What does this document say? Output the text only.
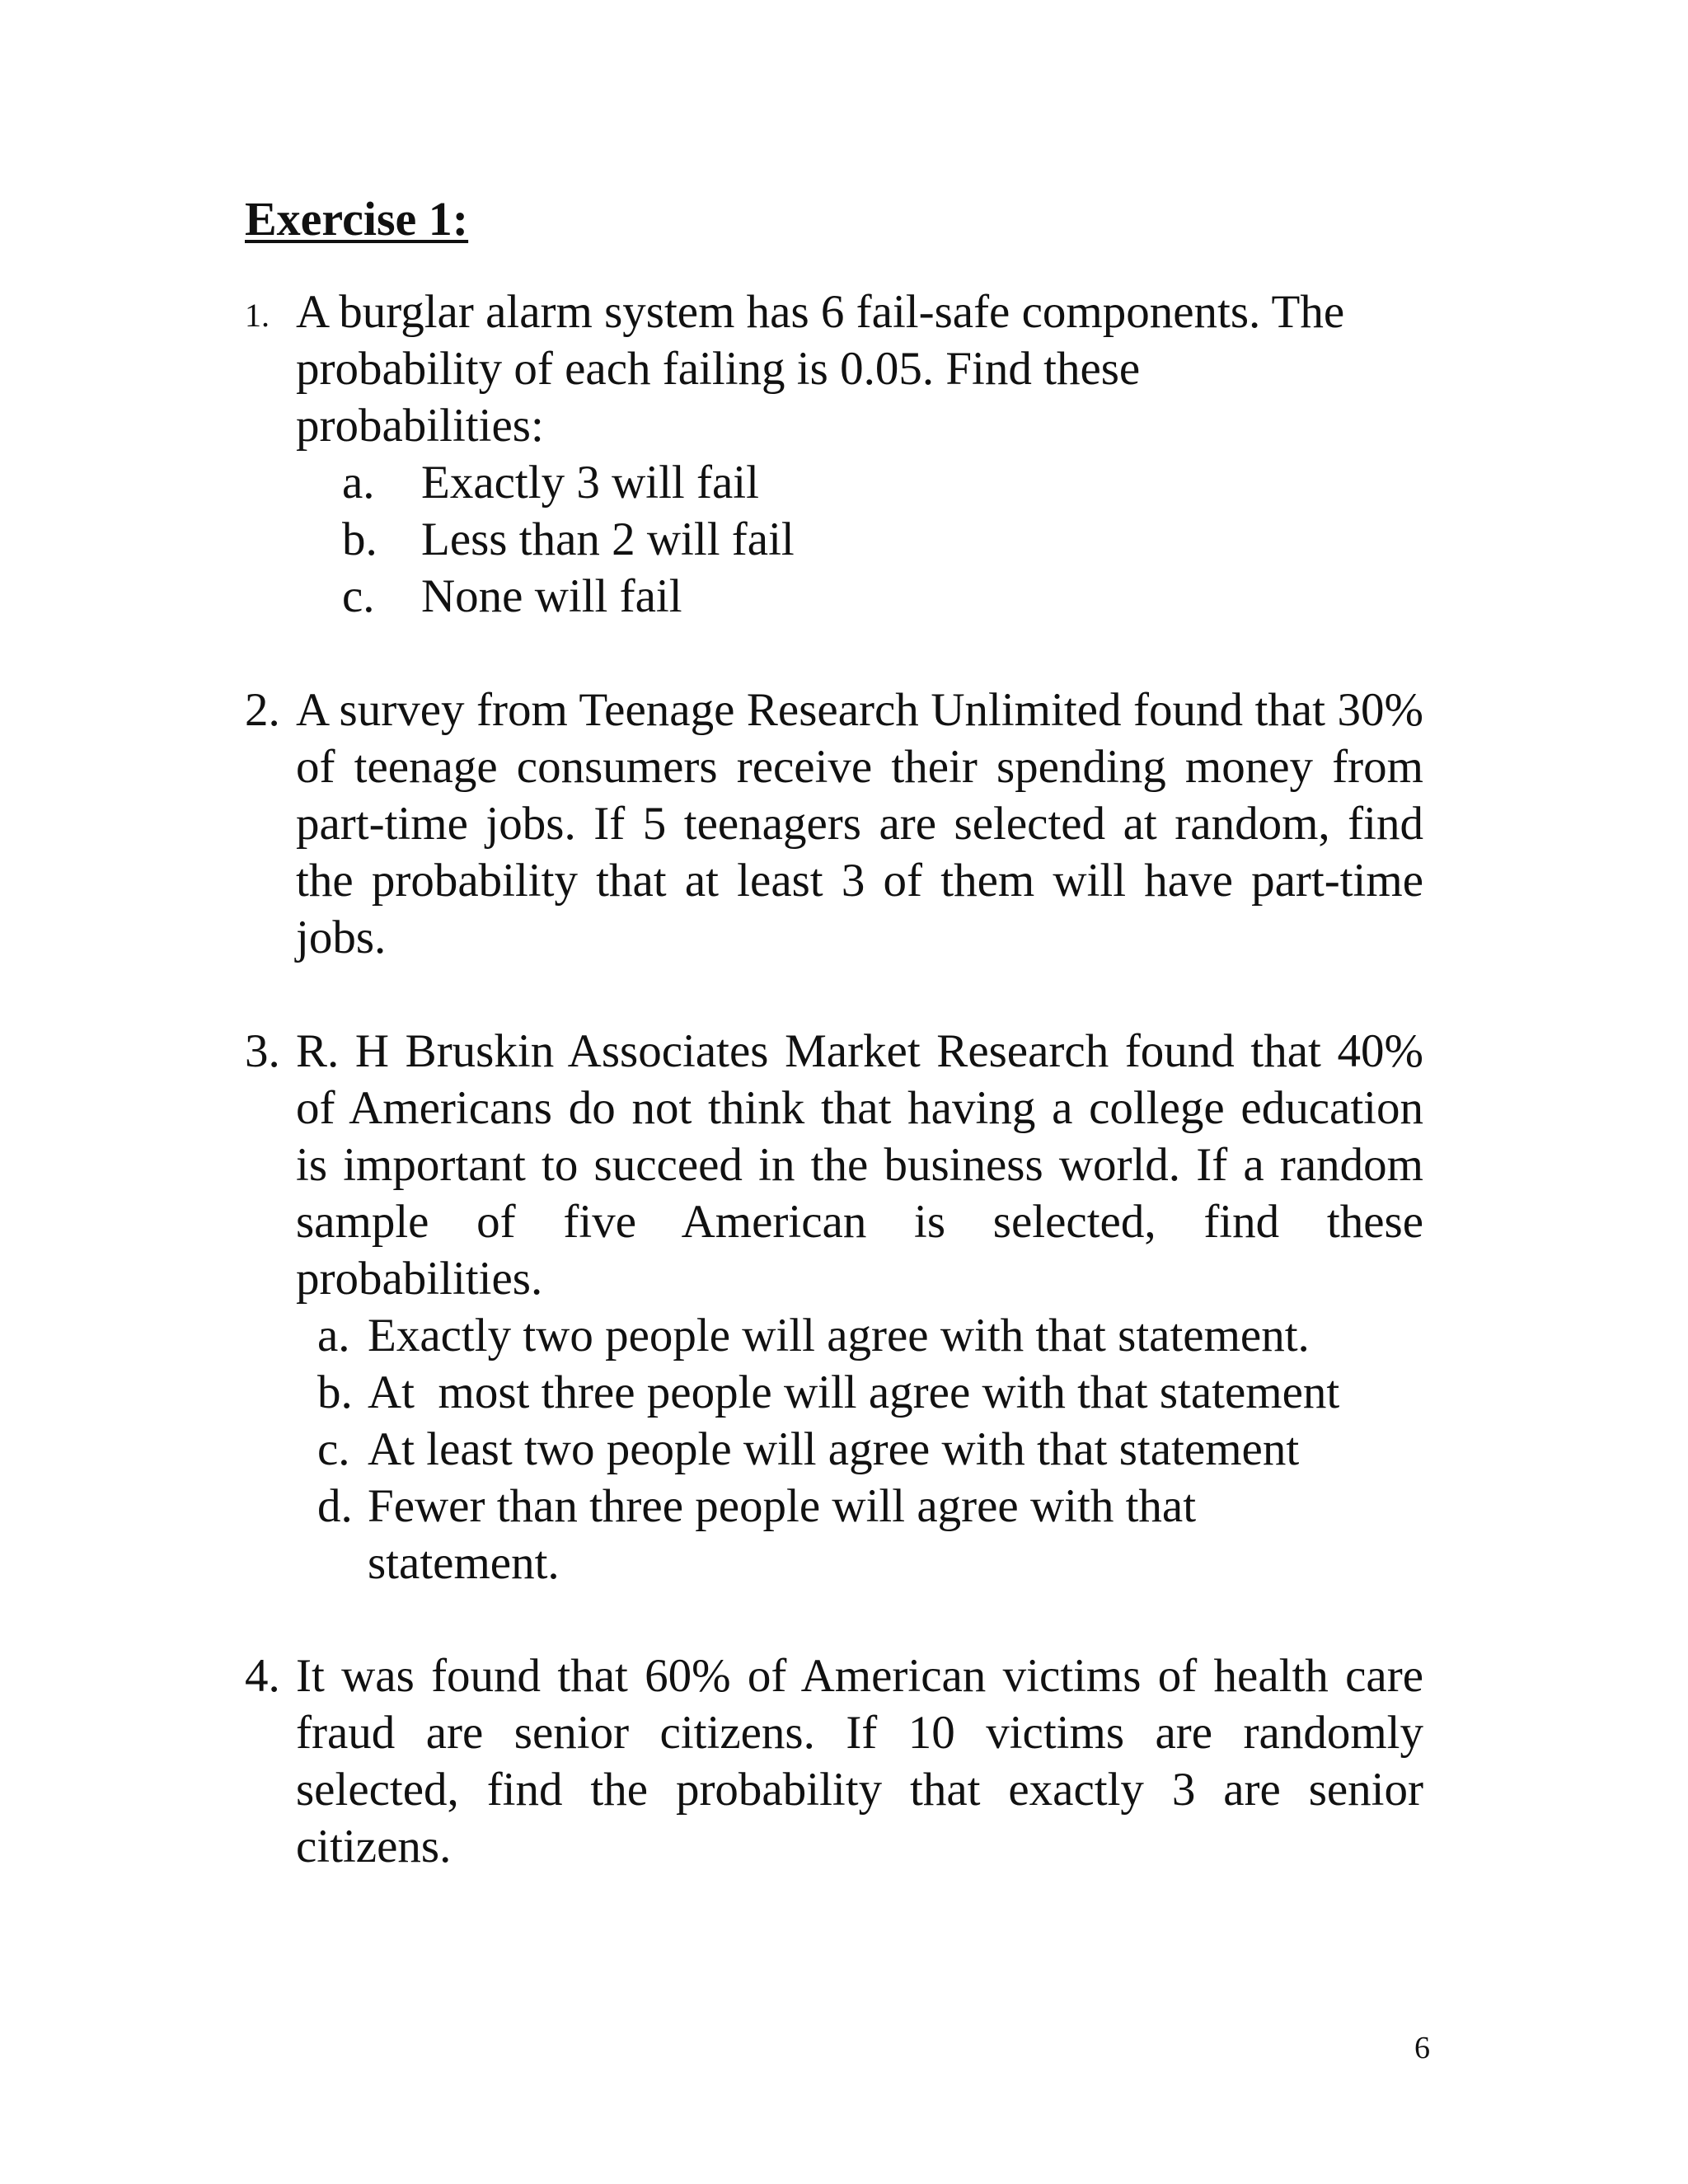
Exercise 1:
1. A burglar alarm system has 6 fail-safe components. The
probability of each failing is 0.05. Find these
probabilities:
a. Exactly 3 will fail
b. Less than 2 will fail
c. None will fail
2. A survey from Teenage Research Unlimited found that 30% of teenage consumers receive their spending money from part-time jobs. If 5 teenagers are selected at random, find the probability that at least 3 of them will have part-time jobs.
3. R. H Bruskin Associates Market Research found that 40% of Americans do not think that having a college education is important to succeed in the business world. If a random sample of five American is selected, find these probabilities.
a. Exactly two people will agree with that statement.
b. At  most three people will agree with that statement
c. At least two people will agree with that statement
d. Fewer than three people will agree with that statement.
4. It was found that 60% of American victims of health care fraud are senior citizens. If 10 victims are randomly selected, find the probability that exactly 3 are senior citizens.
6
